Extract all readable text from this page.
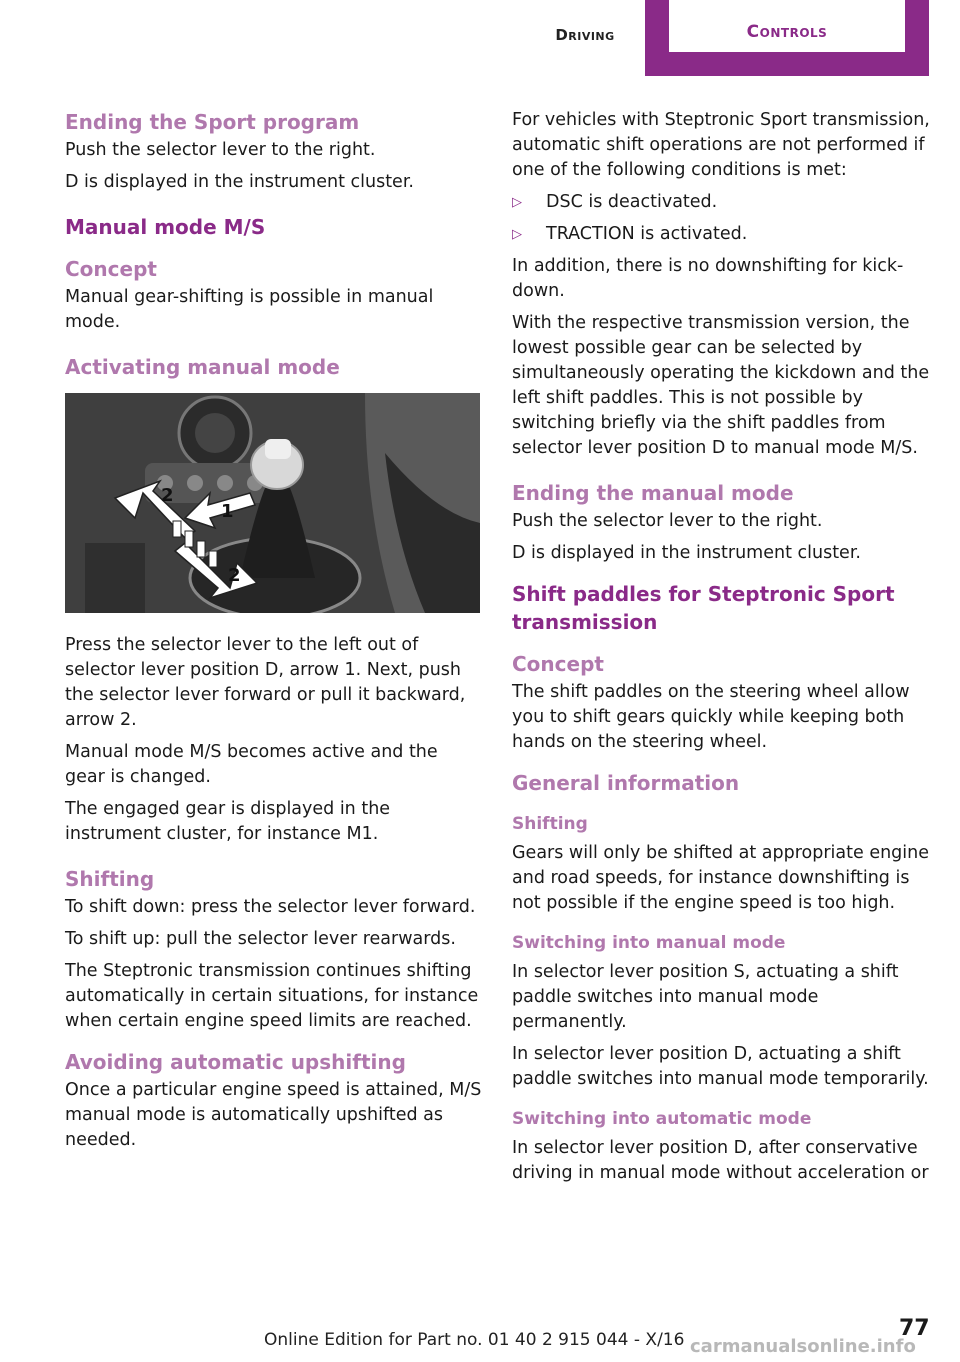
Driving	Controls
Ending the Sport program

Push the selector lever to the right.

D is displayed in the instrument cluster.

Manual mode M/S
Concept

Manual gear-shifting is possible in manual mode.

Activating manual mode
2
1
2

Press the selector lever to the left out of selector lever position D, arrow 1. Next, push the selector lever forward or pull it backward, arrow 2.

Manual mode M/S becomes active and the gear is changed.

The engaged gear is displayed in the instrument cluster, for instance M1.

Shifting

To shift down: press the selector lever forward.

To shift up: pull the selector lever rearwards.

The Steptronic transmission continues shifting automatically in certain situations, for instance when certain engine speed limits are reached.

Avoiding automatic upshifting

Once a particular engine speed is attained, M/S manual mode is automatically upshifted as needed.

For vehicles with Steptronic Sport transmission, automatic shift operations are not performed if one of the following conditions is met:

▷ DSC is deactivated.
▷ TRACTION is activated.

In addition, there is no downshifting for kick-down.

With the respective transmission version, the lowest possible gear can be selected by simultaneously operating the kickdown and the left shift paddles. This is not possible by switching briefly via the shift paddles from selector lever position D to manual mode M/S.

Ending the manual mode

Push the selector lever to the right.

D is displayed in the instrument cluster.

Shift paddles for Steptronic Sport transmission
Concept

The shift paddles on the steering wheel allow you to shift gears quickly while keeping both hands on the steering wheel.

General information
Shifting

Gears will only be shifted at appropriate engine and road speeds, for instance downshifting is not possible if the engine speed is too high.

Switching into manual mode

In selector lever position S, actuating a shift paddle switches into manual mode permanently.

In selector lever position D, actuating a shift paddle switches into manual mode temporarily.

Switching into automatic mode

In selector lever position D, after conservative driving in manual mode without acceleration or

77
Online Edition for Part no. 01 40 2 915 044 - X/16 carmanualsonline.info
